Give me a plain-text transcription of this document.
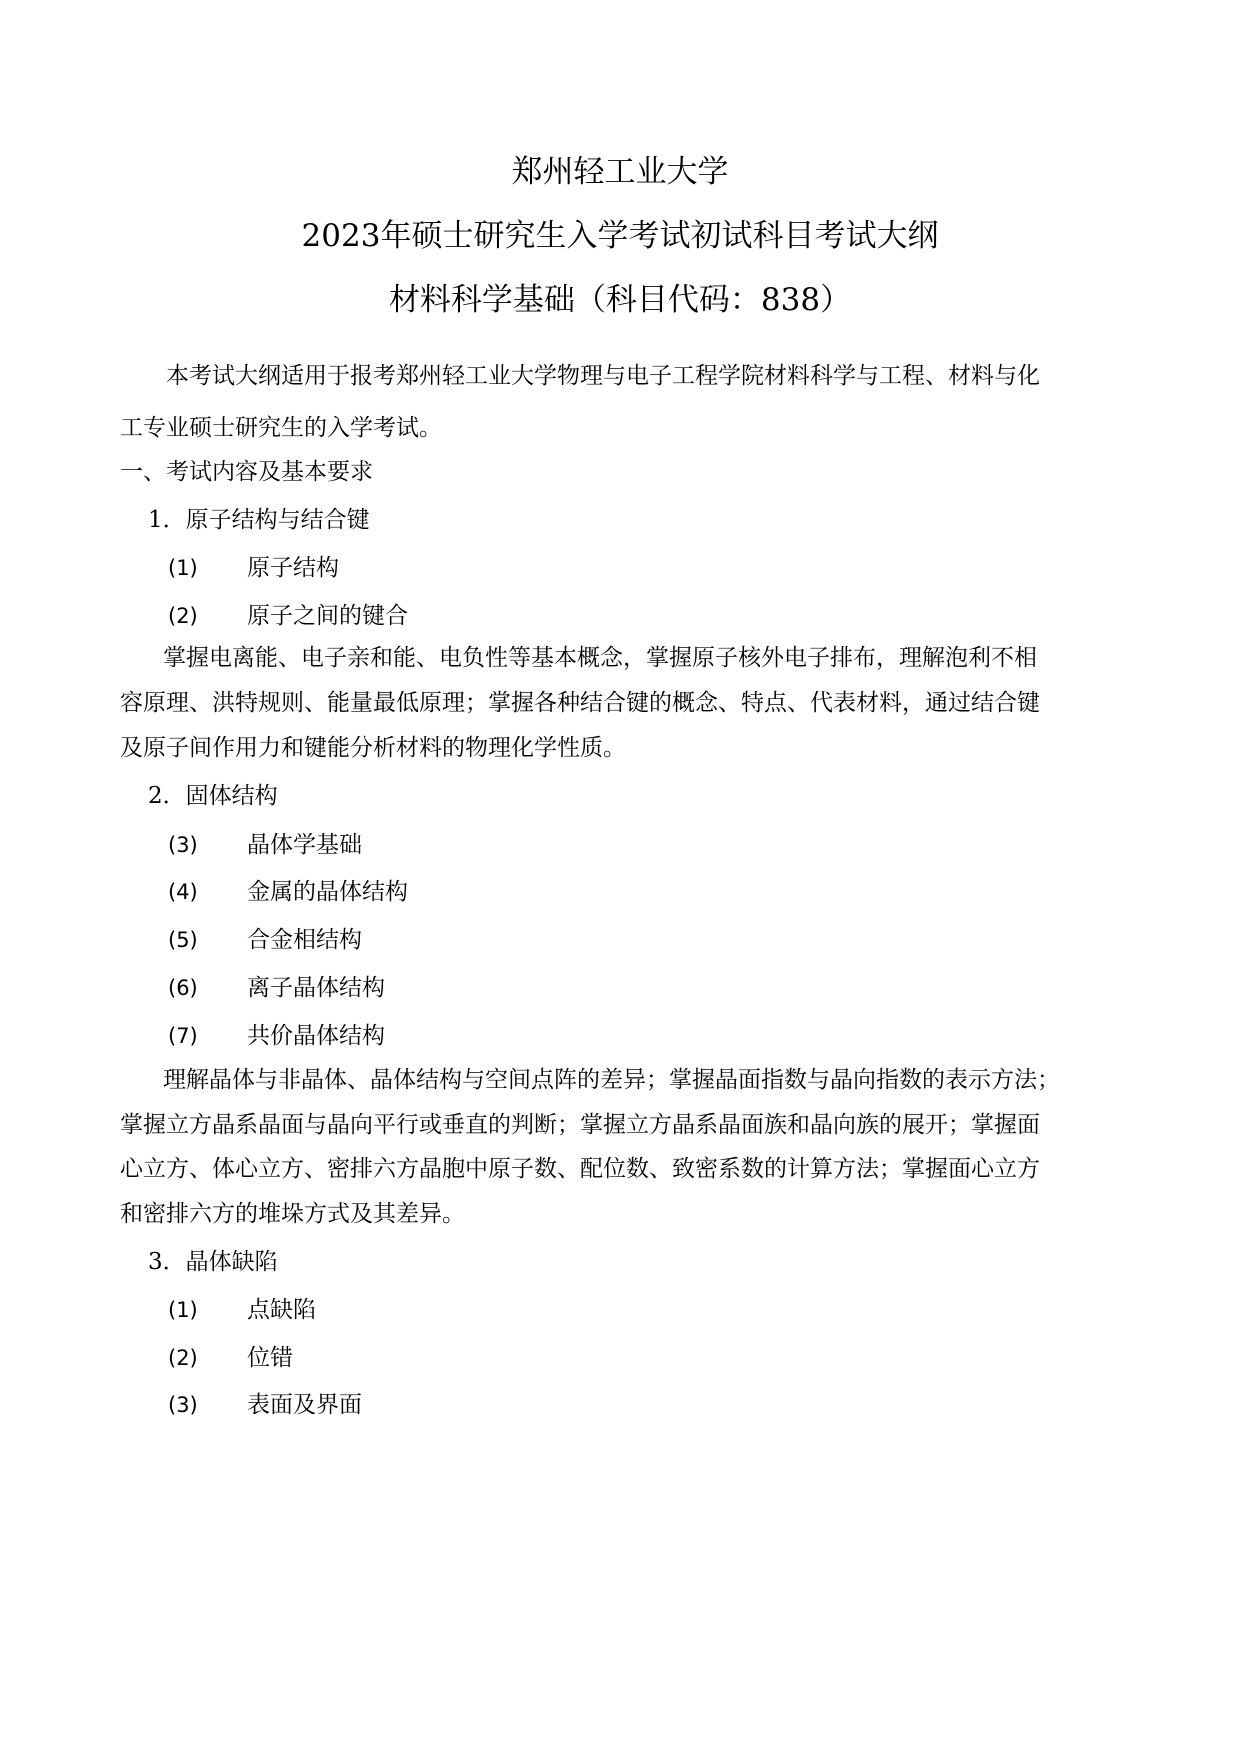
郑州轻工业大学
2023年硕士研究生入学考试初试科目考试大纲
材料科学基础（科目代码：838）
本考试大纲适用于报考郑州轻工业大学物理与电子工程学院材料科学与工程、材料与化
工专业硕士研究生的入学考试。
一、考试内容及基本要求
1．原子结构与结合键
(1) 原子结构
(2) 原子之间的键合
掌握电离能、电子亲和能、电负性等基本概念，掌握原子核外电子排布，理解泡利不相
容原理、洪特规则、能量最低原理；掌握各种结合键的概念、特点、代表材料，通过结合键
及原子间作用力和键能分析材料的物理化学性质。
2．固体结构
(3) 晶体学基础
(4) 金属的晶体结构
(5) 合金相结构
(6) 离子晶体结构
(7) 共价晶体结构
理解晶体与非晶体、晶体结构与空间点阵的差异；掌握晶面指数与晶向指数的表示方法；
掌握立方晶系晶面与晶向平行或垂直的判断；掌握立方晶系晶面族和晶向族的展开；掌握面
心立方、体心立方、密排六方晶胞中原子数、配位数、致密系数的计算方法；掌握面心立方
和密排六方的堆垛方式及其差异。
3．晶体缺陷
(1) 点缺陷
(2) 位错
(3) 表面及界面
